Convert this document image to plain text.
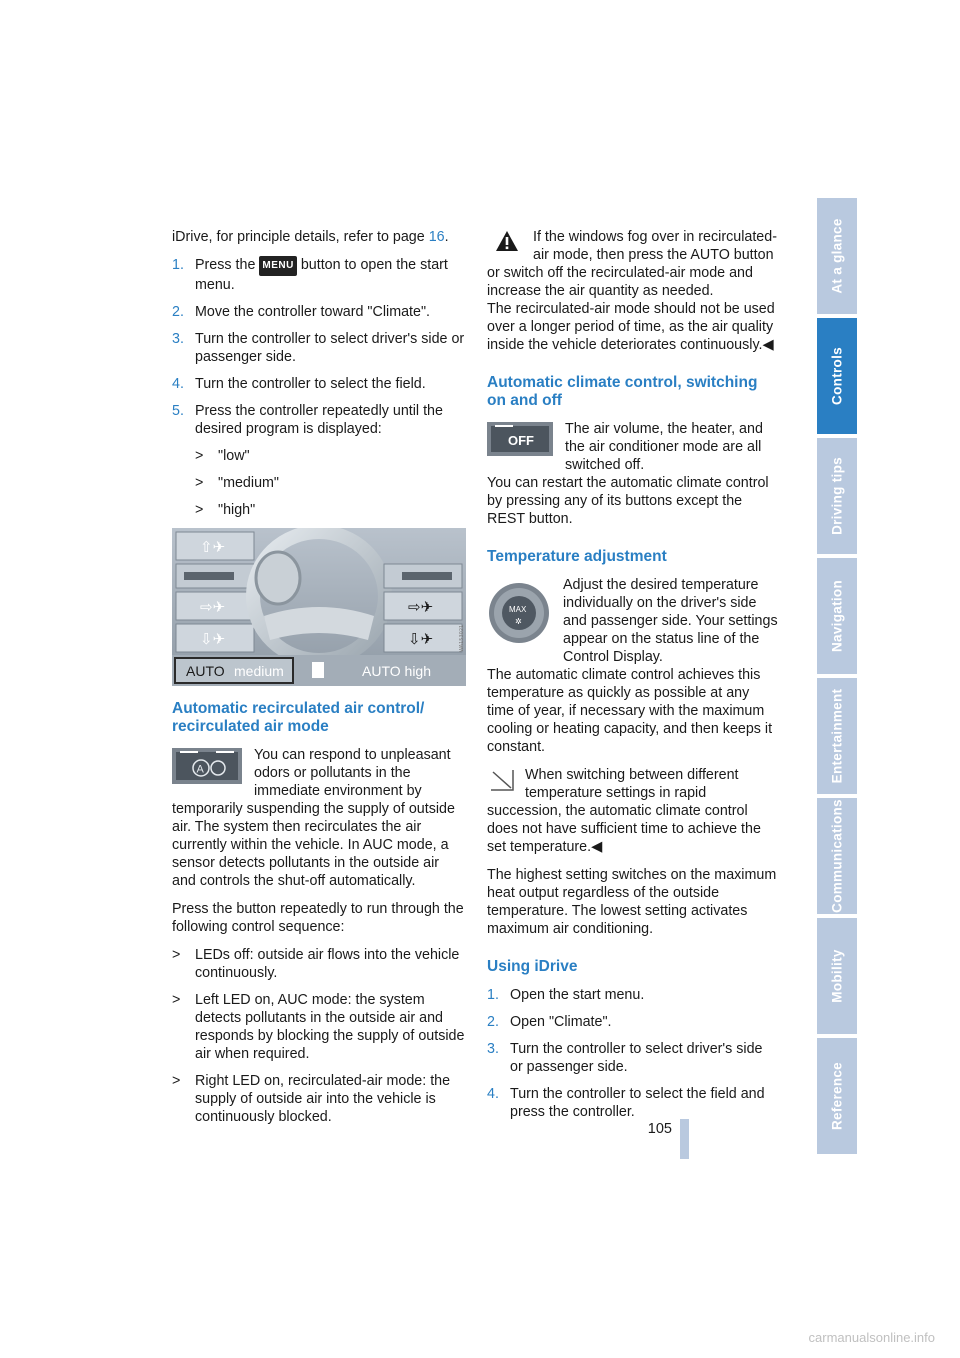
iDrive, for principle details, refer to page 16.

1. Press the MENU button to open the start menu.
2. Move the controller toward "Climate".
3. Turn the controller to select driver's side or passenger side.
4. Turn the controller to select the field.
5. Press the controller repeatedly until the desired program is displayed:
> "low"
> "medium"
> "high"
⇧✈
⇨✈
⇩✈
⇨✈
⇩✈
AUTO medium	AUTO high
WA153021
Automatic recirculated air control/ recirculated air mode

A
You can respond to unpleasant odors or pollutants in the immediate environment by temporarily suspending the supply of outside air. The system then recirculates the air currently within the vehicle. In AUC mode, a sensor detects pollutants in the outside air and controls the shut-off automatically.

Press the button repeatedly to run through the following control sequence:

> LEDs off: outside air flows into the vehicle continuously.
> Left LED on, AUC mode: the system detects pollutants in the outside air and responds by blocking the supply of outside air when required.
> Right LED on, recirculated-air mode: the supply of outside air into the vehicle is continuously blocked.

If the windows fog over in recirculated-air mode, then press the AUTO button or switch off the recirculated-air mode and increase the air quantity as needed.

The recirculated-air mode should not be used over a longer period of time, as the air quality inside the vehicle deteriorates continuously.◀

Automatic climate control, switching on and off

OFF
The air volume, the heater, and the air conditioner mode are all switched off.

You can restart the automatic climate control by pressing any of its buttons except the REST button.

Temperature adjustment

MAX
✲
Adjust the desired temperature individually on the driver's side and passenger side. Your settings appear on the status line of the Control Display.

The automatic climate control achieves this temperature as quickly as possible at any time of year, if necessary with the maximum cooling or heating capacity, and then keeps it constant.

When switching between different temperature settings in rapid succession, the automatic climate control does not have sufficient time to achieve the set temperature.◀

The highest setting switches on the maximum heat output regardless of the outside temperature. The lowest setting activates maximum air conditioning.

Using iDrive
1. Open the start menu.
2. Open "Climate".
3. Turn the controller to select driver's side or passenger side.
4. Turn the controller to select the field and press the controller.
At a glance
Controls
Driving tips
Navigation
Entertainment
Communications
Mobility
Reference
105
carmanualsonline.info
